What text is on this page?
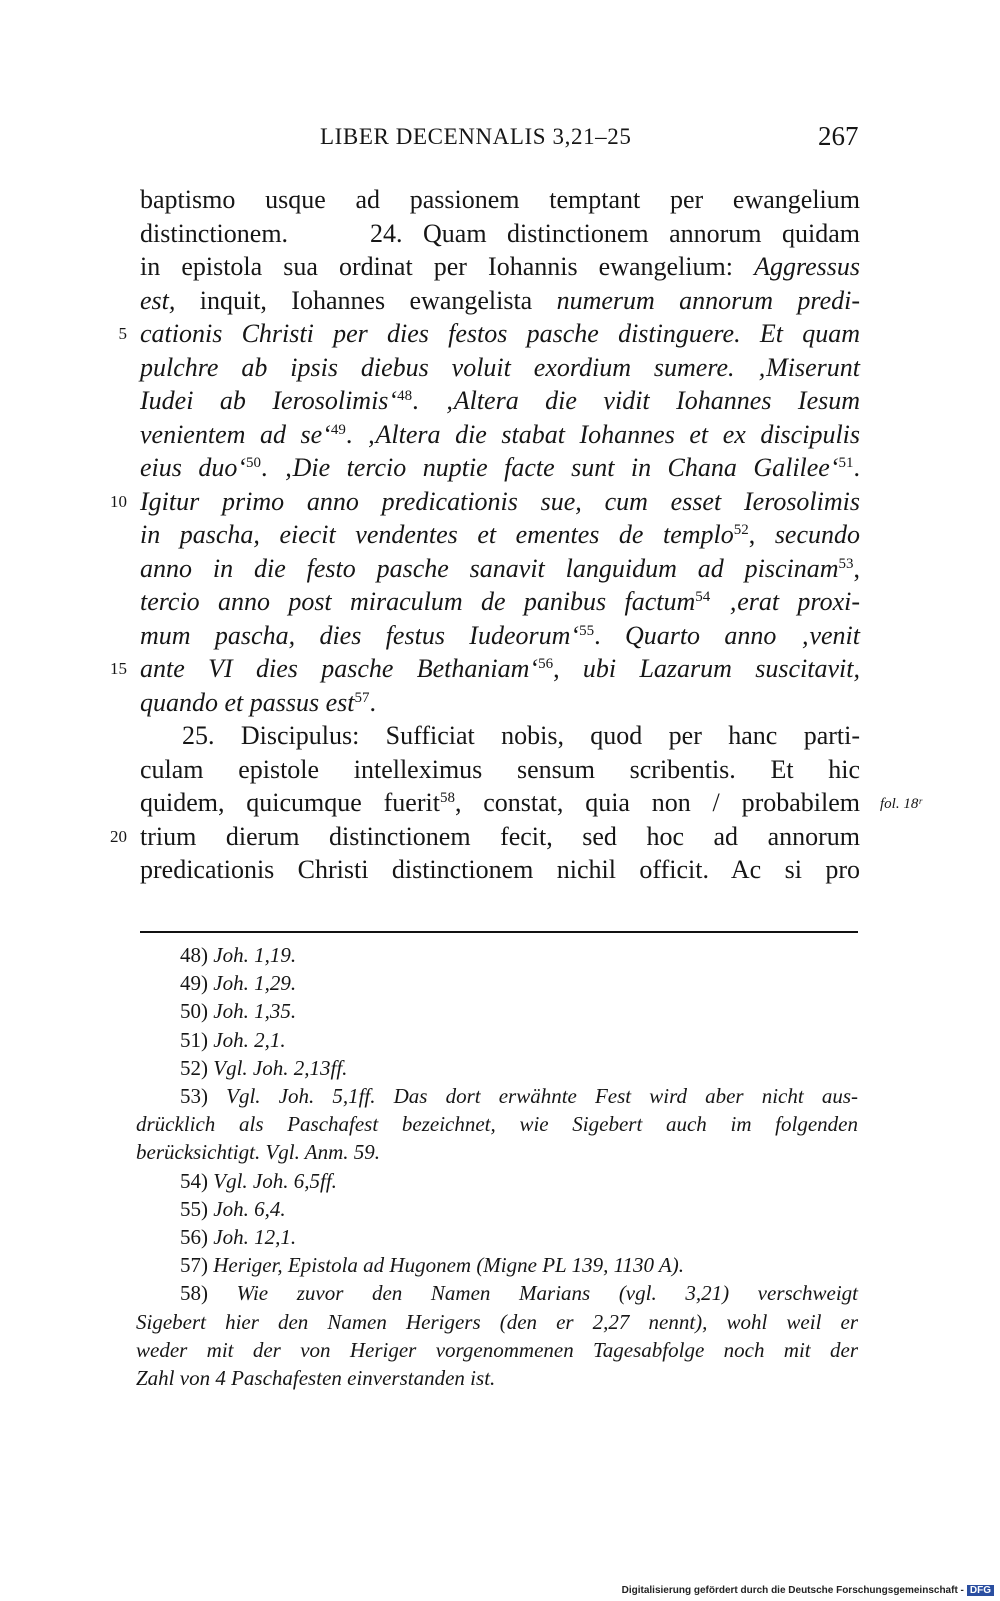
LIBER DECENNALIS 3,21–25	267
baptismo usque ad passionem temptant per ewangelium
distinctionem.    24. Quam distinctionem annorum quidam
in epistola sua ordinat per Iohannis ewangelium: Aggressus
est, inquit, Iohannes ewangelista numerum annorum predi-
cationis Christi per dies festos pasche distinguere. Et quam
5
pulchre ab ipsis diebus voluit exordium sumere. ‚Miserunt
Iudei ab Ierosolimis‘$^{48}$. ‚Altera die vidit Iohannes Iesum
venientem ad se‘$^{49}$. ‚Altera die stabat Iohannes et ex discipulis
eius duo‘$^{50}$. ‚Die tercio nuptie facte sunt in Chana Galilee‘$^{51}$.
Igitur primo anno predicationis sue, cum esset Ierosolimis
10
in pascha, eiecit vendentes et ementes de templo$^{52}$, secundo
anno in die festo pasche sanavit languidum ad piscinam$^{53}$,
tercio anno post miraculum de panibus factum$^{54}$ ‚erat proxi-
mum pascha, dies festus Iudeorum‘$^{55}$. Quarto anno ‚venit
ante VI dies pasche Bethaniam‘$^{56}$, ubi Lazarum suscitavit,
15
quando et passus est$^{57}$.
25. Discipulus: Sufficiat nobis, quod per hanc parti-
culam epistole intelleximus sensum scribentis. Et hic
quidem, quicumque fuerit$^{58}$, constat, quia non / probabilem
trium dierum distinctionem fecit, sed hoc ad annorum
20
predicationis Christi distinctionem nichil officit. Ac si pro
fol. 18ʳ
48) Joh. 1,19.
49) Joh. 1,29.
50) Joh. 1,35.
51) Joh. 2,1.
52) Vgl. Joh. 2,13ff.
53) Vgl. Joh. 5,1ff. Das dort erwähnte Fest wird aber nicht aus-
drücklich als Paschafest bezeichnet, wie Sigebert auch im folgenden
berücksichtigt. Vgl. Anm. 59.
54) Vgl. Joh. 6,5ff.
55) Joh. 6,4.
56) Joh. 12,1.
57) Heriger, Epistola ad Hugonem (Migne PL 139, 1130 A).
58) Wie zuvor den Namen Marians (vgl. 3,21) verschweigt
Sigebert hier den Namen Herigers (den er 2,27 nennt), wohl weil er
weder mit der von Heriger vorgenommenen Tagesabfolge noch mit der
Zahl von 4 Paschafesten einverstanden ist.
Digitalisierung gefördert durch die Deutsche Forschungsgemeinschaft - DFG
